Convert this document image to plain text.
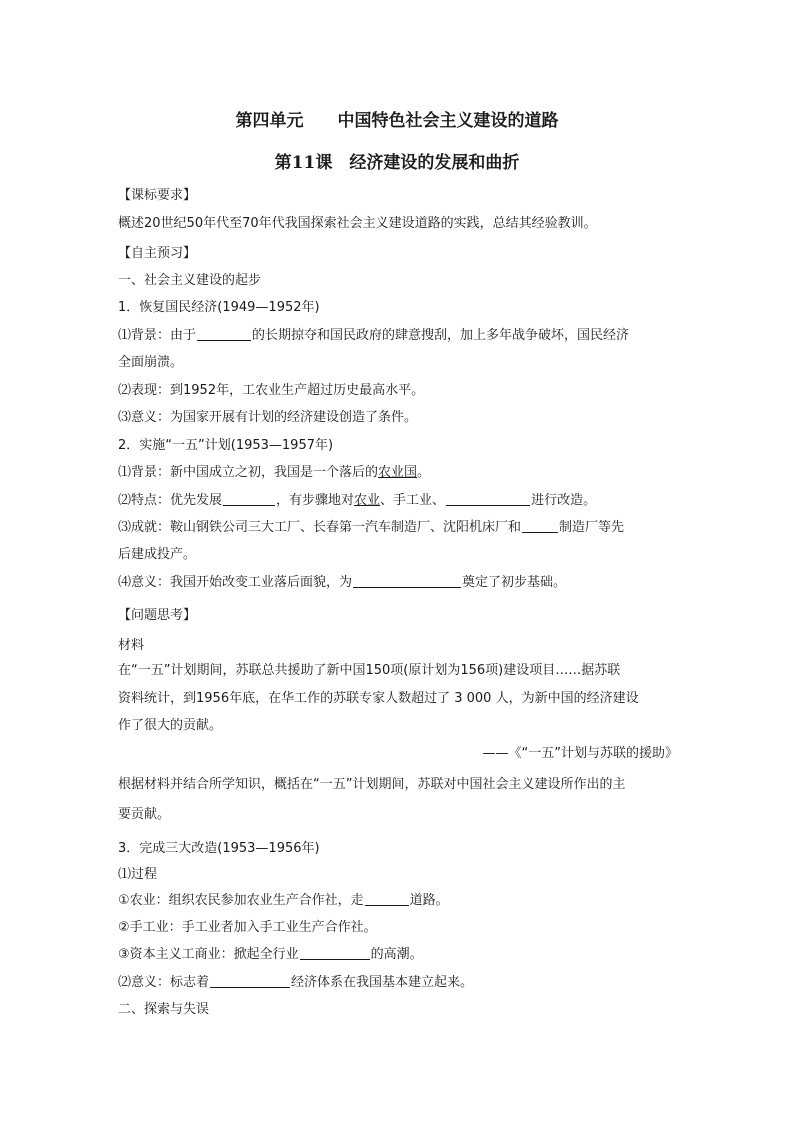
第四单元　　中国特色社会主义建设的道路
第11课　经济建设的发展和曲折
【课标要求】
概述20世纪50年代至70年代我国探索社会主义建设道路的实践，总结其经验教训。
【自主预习】
一、社会主义建设的起步
1．恢复国民经济(1949—1952年)
⑴背景：由于	的长期掠夺和国民政府的肆意搜刮，加上多年战争破坏，国民经济
全面崩溃。
⑵表现：到1952年，工农业生产超过历史最高水平。
⑶意义：为国家开展有计划的经济建设创造了条件。
2．实施“一五”计划(1953—1957年)
⑴背景：新中国成立之初，我国是一个落后的农业国。
⑵特点：优先发展	，有步骤地对农业、手工业、	进行改造。
⑶成就：鞍山钢铁公司三大工厂、长春第一汽车制造厂、沈阳机床厂和	制造厂等先
后建成投产。
⑷意义：我国开始改变工业落后面貌，为	奠定了初步基础。
【问题思考】
材料
在“一五”计划期间，苏联总共援助了新中国150项(原计划为156项)建设项目……据苏联
资料统计，到1956年底，在华工作的苏联专家人数超过了 3 000 人，为新中国的经济建设
作了很大的贡献。
——《“一五”计划与苏联的援助》
根据材料并结合所学知识，概括在“一五”计划期间，苏联对中国社会主义建设所作出的主
要贡献。
3．完成三大改造(1953—1956年)
⑴过程
①农业：组织农民参加农业生产合作社，走	道路。
②手工业：手工业者加入手工业生产合作社。
③资本主义工商业：掀起全行业	的高潮。
⑵意义：标志着	经济体系在我国基本建立起来。
二、探索与失误
